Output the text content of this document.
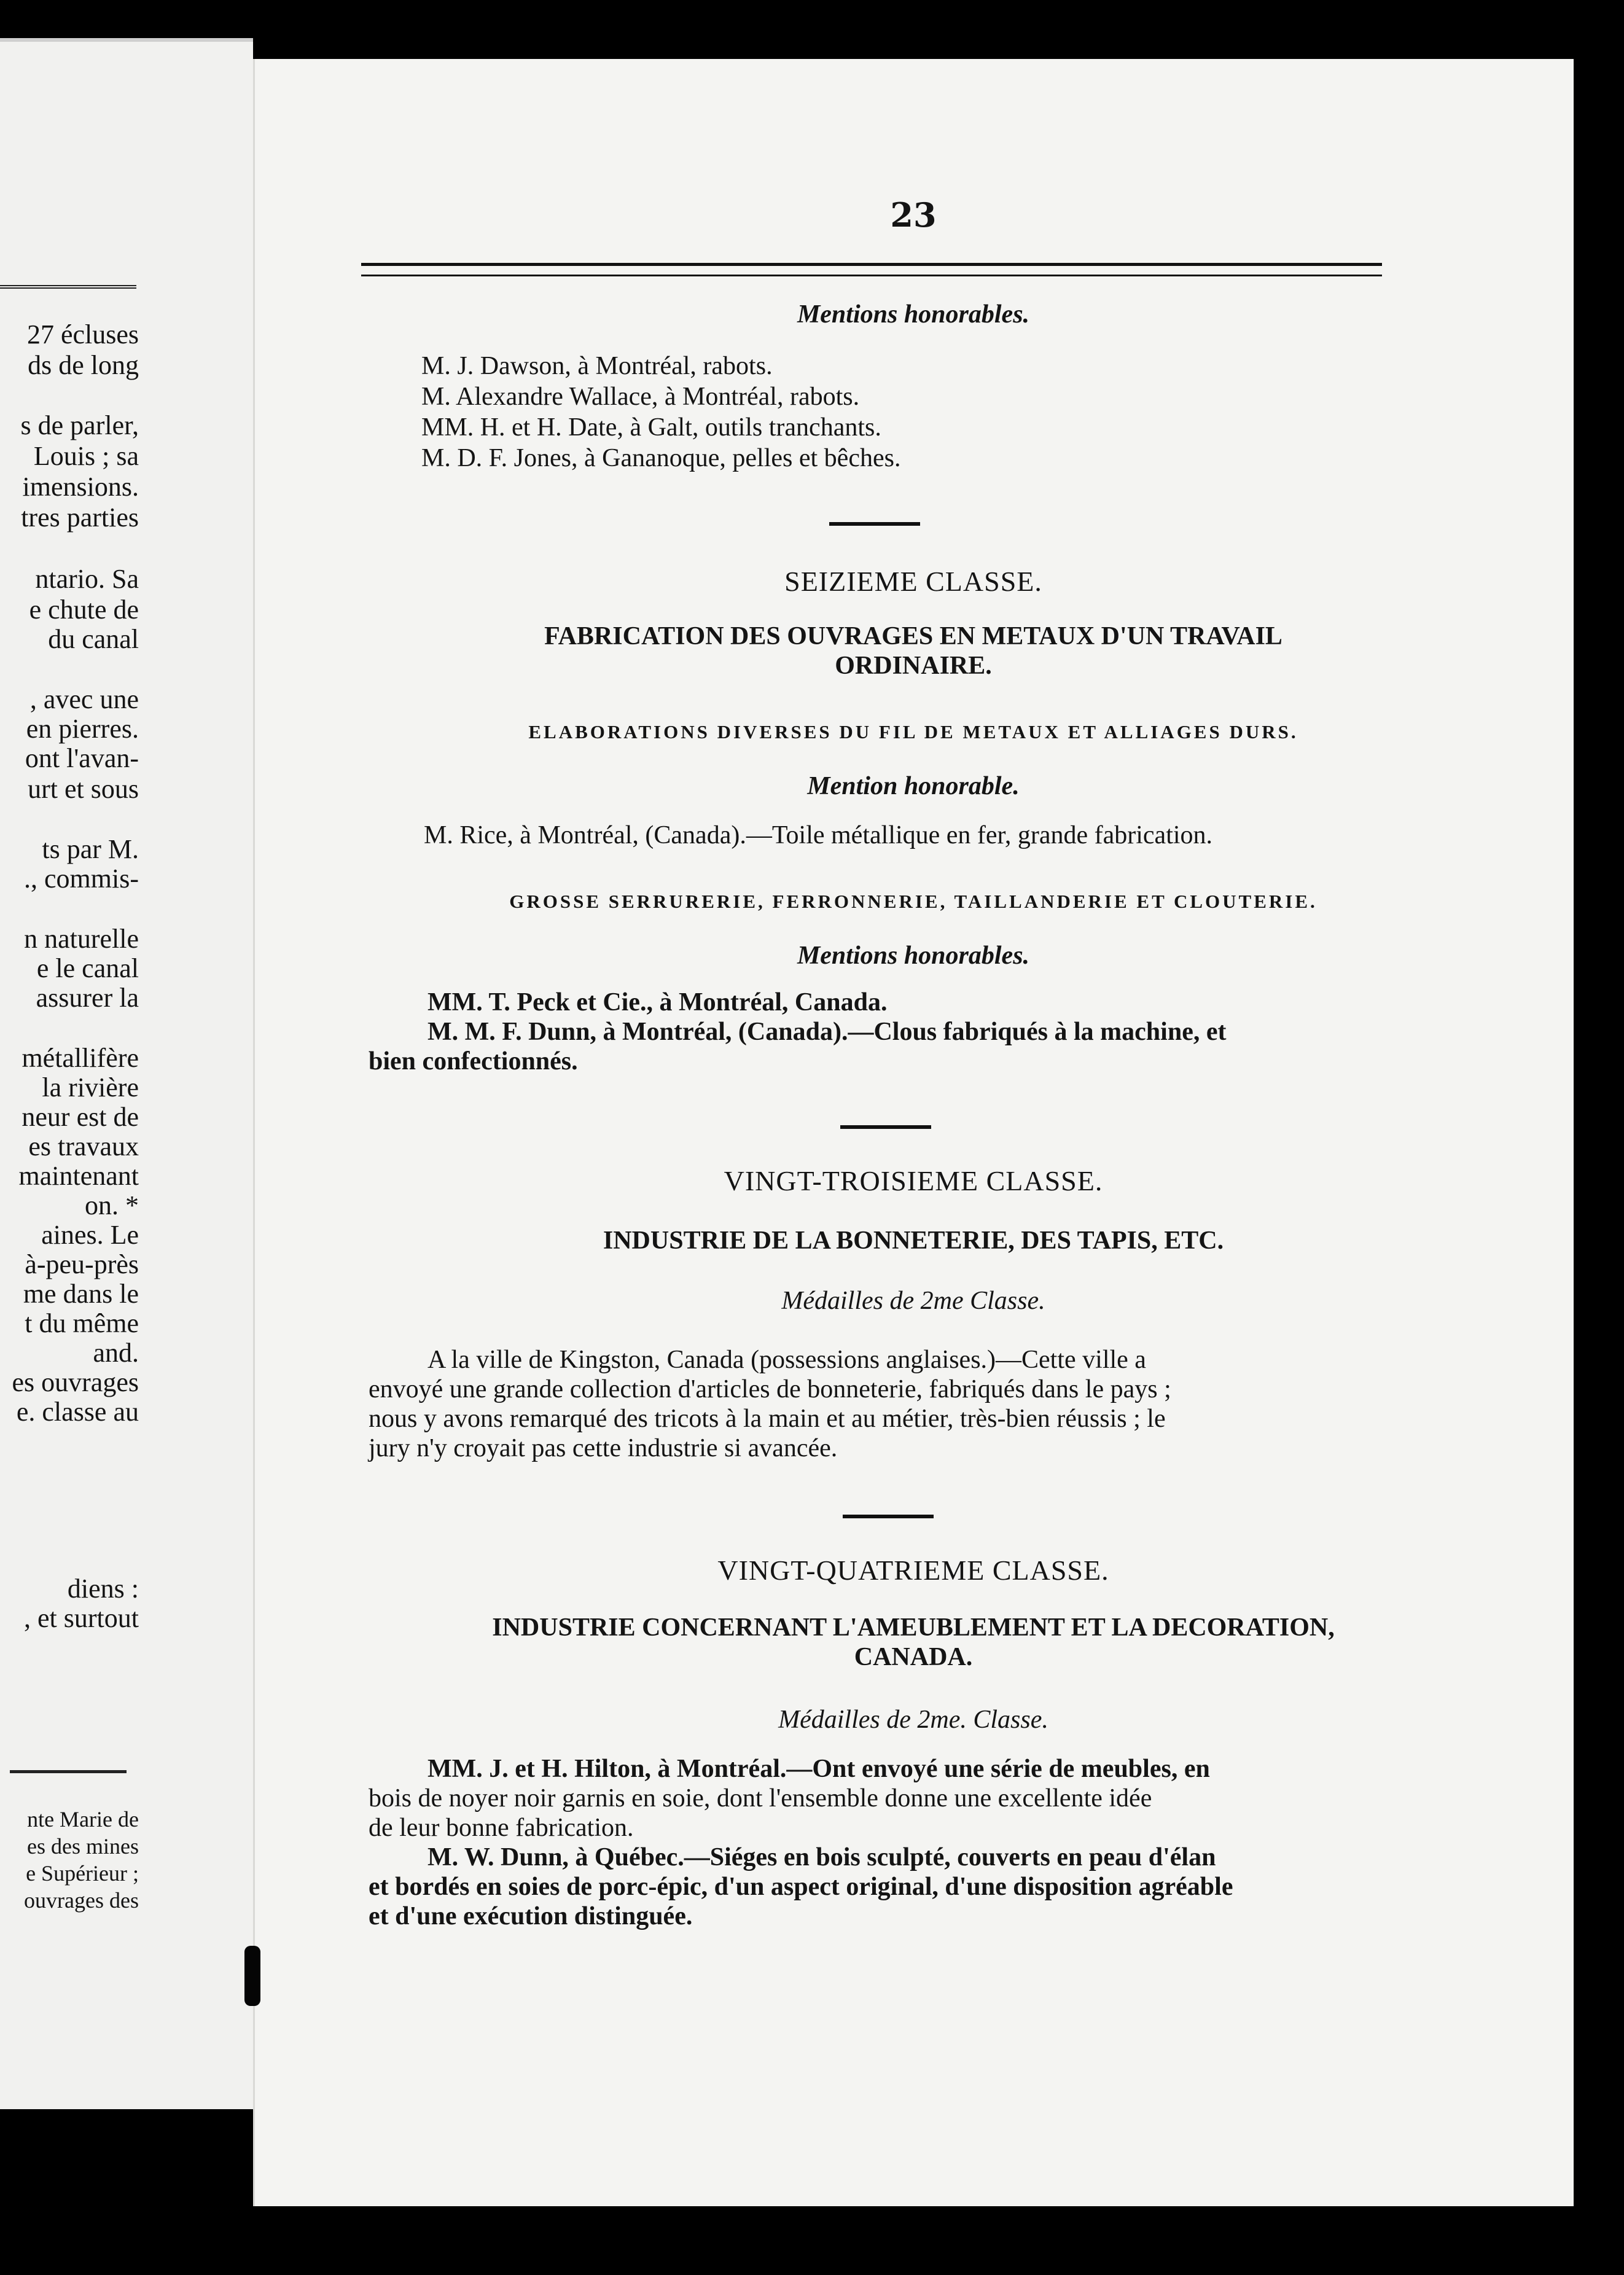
27 écluses
ds de long
s de parler,
Louis ; sa
imensions.
tres parties
ntario. Sa
e chute de
du canal
, avec une
en pierres.
ont l'avan-
urt et sous
ts par M.
., commis-
n naturelle
e le canal
assurer la
métallifère
la rivière
neur est de
es travaux
maintenant
on. *
aines. Le
à-peu-près
me dans le
t du même
and.
es ouvrages
e. classe au
diens :
, et surtout
nte Marie de
es des mines
e Supérieur ;
ouvrages des
23
Mentions honorables.
M. J. Dawson, à Montréal, rabots.
M. Alexandre Wallace, à Montréal, rabots.
MM. H. et H. Date, à Galt, outils tranchants.
M. D. F. Jones, à Gananoque, pelles et bêches.
SEIZIEME CLASSE.
FABRICATION DES OUVRAGES EN METAUX D'UN TRAVAIL
ORDINAIRE.
ELABORATIONS DIVERSES DU FIL DE METAUX ET ALLIAGES DURS.
Mention honorable.
M. Rice, à Montréal, (Canada).—Toile métallique en fer, grande fabrication.
GROSSE SERRURERIE, FERRONNERIE, TAILLANDERIE ET CLOUTERIE.
Mentions honorables.
MM. T. Peck et Cie., à Montréal, Canada.
M. M. F. Dunn, à Montréal, (Canada).—Clous fabriqués à la machine, et
bien confectionnés.
VINGT-TROISIEME CLASSE.
INDUSTRIE DE LA BONNETERIE, DES TAPIS, ETC.
Médailles de 2me Classe.
A la ville de Kingston, Canada (possessions anglaises.)—Cette ville a
envoyé une grande collection d'articles de bonneterie, fabriqués dans le pays ;
nous y avons remarqué des tricots à la main et au métier, très-bien réussis ; le
jury n'y croyait pas cette industrie si avancée.
VINGT-QUATRIEME CLASSE.
INDUSTRIE CONCERNANT L'AMEUBLEMENT ET LA DECORATION,
CANADA.
Médailles de 2me. Classe.
MM. J. et H. Hilton, à Montréal.—Ont envoyé une série de meubles, en
bois de noyer noir garnis en soie, dont l'ensemble donne une excellente idée
de leur bonne fabrication.
M. W. Dunn, à Québec.—Siéges en bois sculpté, couverts en peau d'élan
et bordés en soies de porc-épic, d'un aspect original, d'une disposition agréable
et d'une exécution distinguée.
